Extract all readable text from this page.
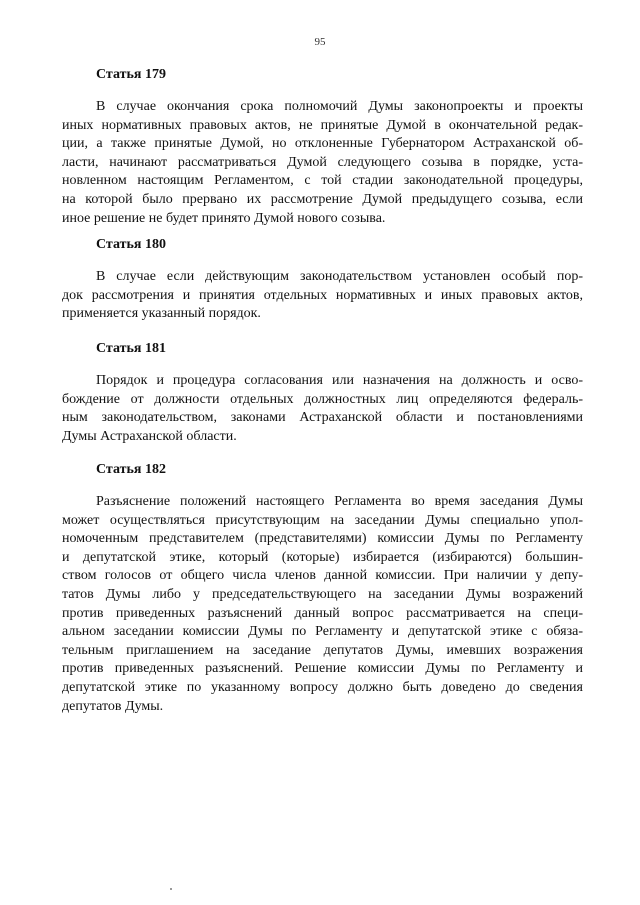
95
Статья 179
В случае окончания срока полномочий Думы законопроекты и проекты
иных нормативных правовых актов, не принятые Думой в окончательной редак-
ции, а также принятые Думой, но отклоненные Губернатором Астраханской об-
ласти, начинают рассматриваться Думой следующего созыва в порядке, уста-
новленном настоящим Регламентом, с той стадии законодательной процедуры,
на которой было прервано их рассмотрение Думой предыдущего созыва, если
иное решение не будет принято Думой нового созыва.
Статья 180
В случае если действующим законодательством установлен особый пор-
док рассмотрения и принятия отдельных нормативных и иных правовых актов,
применяется указанный порядок.
Статья 181
Порядок и процедура согласования или назначения на должность и осво-
бождение от должности отдельных должностных лиц определяются федераль-
ным законодательством, законами Астраханской области и постановлениями
Думы Астраханской области.
Статья 182
Разъяснение положений настоящего Регламента во время заседания Думы
может осуществляться присутствующим на заседании Думы специально упол-
номоченным представителем (представителями) комиссии Думы по Регламенту
и депутатской этике, который (которые) избирается (избираются) большин-
ством голосов от общего числа членов данной комиссии. При наличии у депу-
татов Думы либо у председательствующего на заседании Думы возражений
против приведенных разъяснений данный вопрос рассматривается на специ-
альном заседании комиссии Думы по Регламенту и депутатской этике с обяза-
тельным приглашением на заседание депутатов Думы, имевших возражения
против приведенных разъяснений. Решение комиссии Думы по Регламенту и
депутатской этике по указанному вопросу должно быть доведено до сведения
депутатов Думы.
